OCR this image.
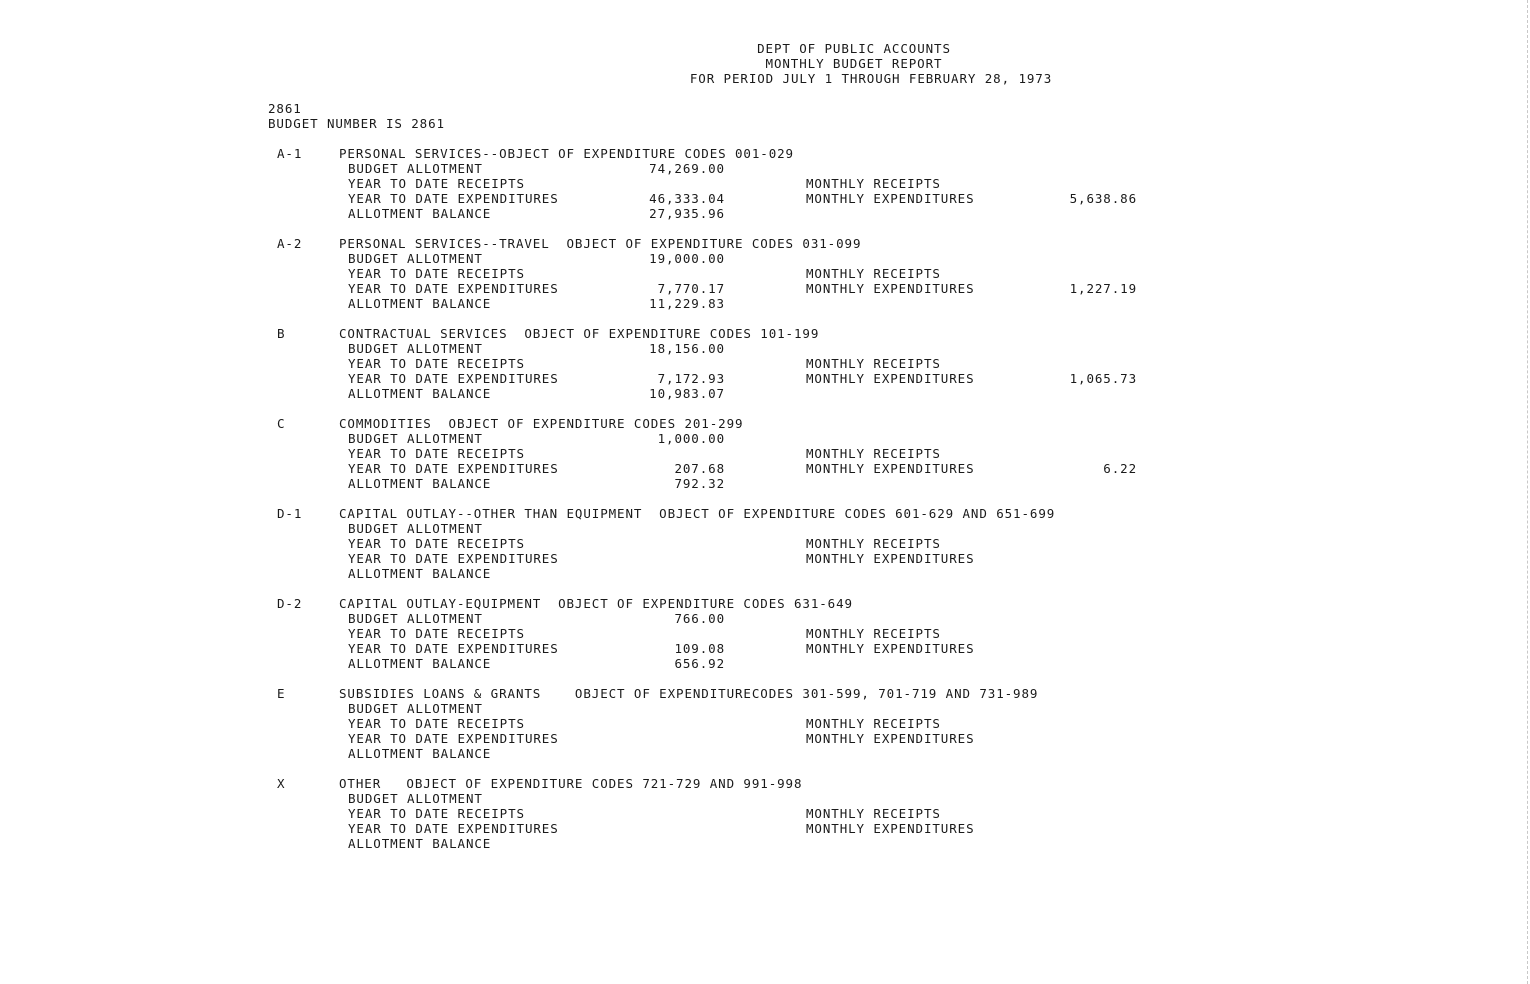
DEPT OF PUBLIC ACCOUNTS
MONTHLY BUDGET REPORT
FOR PERIOD JULY 1 THROUGH FEBRUARY 28, 1973
2861
BUDGET NUMBER IS 2861
A-1	PERSONAL SERVICES--OBJECT OF EXPENDITURE CODES 001-029
BUDGET ALLOTMENT	74,269.00
YEAR TO DATE RECEIPTS	MONTHLY RECEIPTS
YEAR TO DATE EXPENDITURES	46,333.04	MONTHLY EXPENDITURES	5,638.86
ALLOTMENT BALANCE	27,935.96
A-2	PERSONAL SERVICES--TRAVEL  OBJECT OF EXPENDITURE CODES 031-099
BUDGET ALLOTMENT	19,000.00
YEAR TO DATE RECEIPTS	MONTHLY RECEIPTS
YEAR TO DATE EXPENDITURES	7,770.17	MONTHLY EXPENDITURES	1,227.19
ALLOTMENT BALANCE	11,229.83
B	CONTRACTUAL SERVICES  OBJECT OF EXPENDITURE CODES 101-199
BUDGET ALLOTMENT	18,156.00
YEAR TO DATE RECEIPTS	MONTHLY RECEIPTS
YEAR TO DATE EXPENDITURES	7,172.93	MONTHLY EXPENDITURES	1,065.73
ALLOTMENT BALANCE	10,983.07
C	COMMODITIES  OBJECT OF EXPENDITURE CODES 201-299
BUDGET ALLOTMENT	1,000.00
YEAR TO DATE RECEIPTS	MONTHLY RECEIPTS
YEAR TO DATE EXPENDITURES	207.68	MONTHLY EXPENDITURES	6.22
ALLOTMENT BALANCE	792.32
D-1	CAPITAL OUTLAY--OTHER THAN EQUIPMENT  OBJECT OF EXPENDITURE CODES 601-629 AND 651-699
BUDGET ALLOTMENT
YEAR TO DATE RECEIPTS	MONTHLY RECEIPTS
YEAR TO DATE EXPENDITURES	MONTHLY EXPENDITURES
ALLOTMENT BALANCE
D-2	CAPITAL OUTLAY-EQUIPMENT  OBJECT OF EXPENDITURE CODES 631-649
BUDGET ALLOTMENT	766.00
YEAR TO DATE RECEIPTS	MONTHLY RECEIPTS
YEAR TO DATE EXPENDITURES	109.08	MONTHLY EXPENDITURES
ALLOTMENT BALANCE	656.92
E	SUBSIDIES LOANS & GRANTS    OBJECT OF EXPENDITURECODES 301-599, 701-719 AND 731-989
BUDGET ALLOTMENT
YEAR TO DATE RECEIPTS	MONTHLY RECEIPTS
YEAR TO DATE EXPENDITURES	MONTHLY EXPENDITURES
ALLOTMENT BALANCE
X	OTHER   OBJECT OF EXPENDITURE CODES 721-729 AND 991-998
BUDGET ALLOTMENT
YEAR TO DATE RECEIPTS	MONTHLY RECEIPTS
YEAR TO DATE EXPENDITURES	MONTHLY EXPENDITURES
ALLOTMENT BALANCE
